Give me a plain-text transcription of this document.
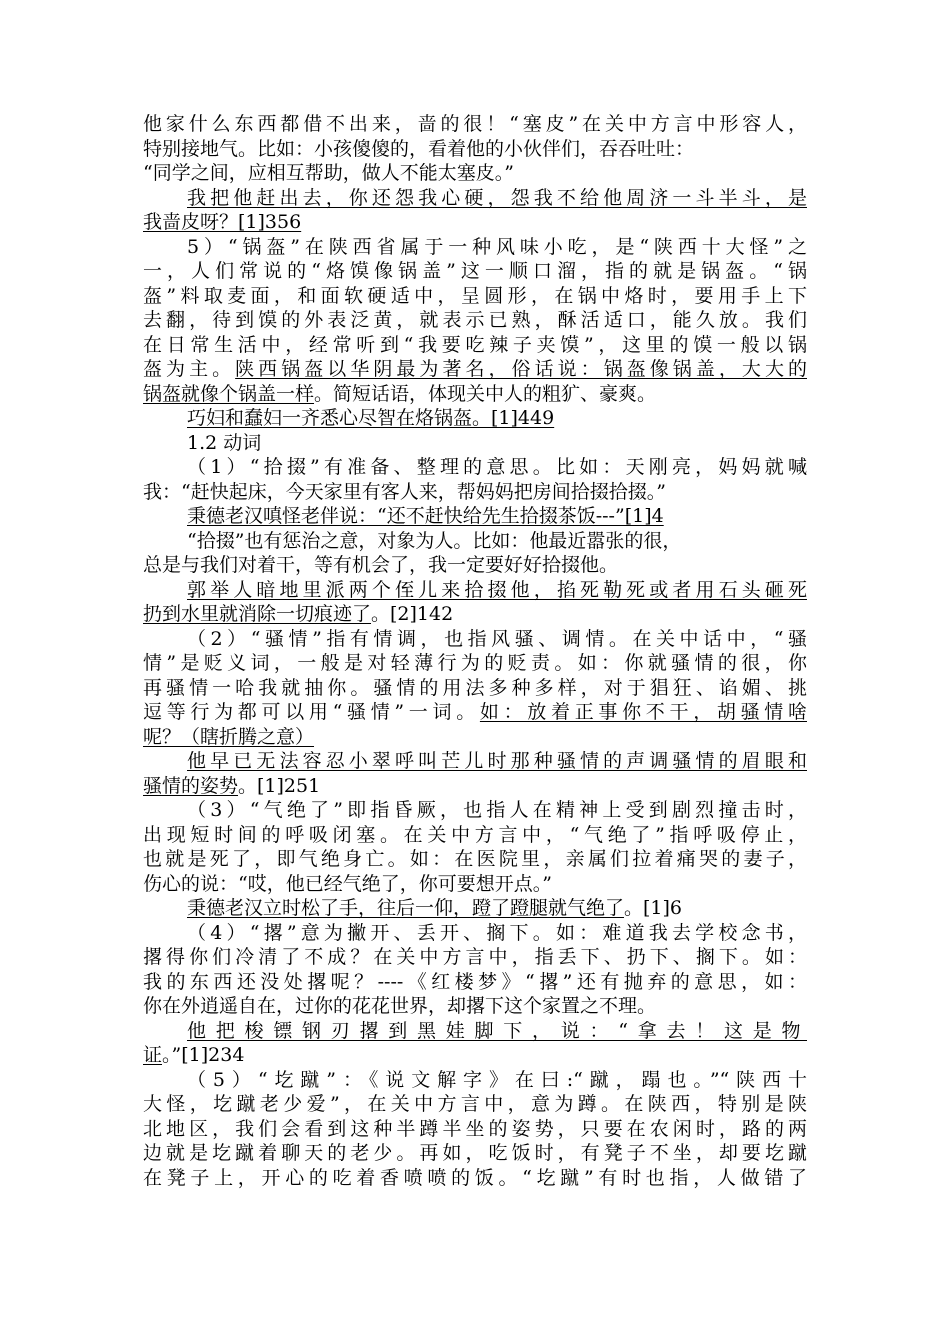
他家什么东西都借不出来，啬的很！“塞皮”在关中方言中形容人，
特别接地气。比如：小孩傻傻的，看着他的小伙伴们，吞吞吐吐：
“同学之间，应相互帮助，做人不能太塞皮。”
我把他赶出去，你还怨我心硬，怨我不给他周济一斗半斗，是
我啬皮呀？[1]356
5）“锅盔”在陕西省属于一种风味小吃，是“陕西十大怪”之
一，人们常说的“烙馍像锅盖”这一顺口溜，指的就是锅盔。“锅
盔”料取麦面，和面软硬适中，呈圆形，在锅中烙时，要用手上下
去翻，待到馍的外表泛黄，就表示已熟，酥活适口，能久放。我们
在日常生活中，经常听到“我要吃辣子夹馍”，这里的馍一般以锅
盔为主。陕西锅盔以华阴最为著名，俗话说：锅盔像锅盖，大大的
锅盔就像个锅盖一样。简短话语，体现关中人的粗犷、豪爽。
巧妇和蠢妇一齐悉心尽智在烙锅盔。[1]449
1.2 动词
（1）“拾掇”有准备、整理的意思。比如：天刚亮，妈妈就喊
我：“赶快起床，今天家里有客人来，帮妈妈把房间拾掇拾掇。”
秉德老汉嗔怪老伴说：“还不赶快给先生拾掇茶饭---”[1]4
“拾掇”也有惩治之意，对象为人。比如：他最近嚣张的很，
总是与我们对着干，等有机会了，我一定要好好拾掇他。
郭举人暗地里派两个侄儿来拾掇他，掐死勒死或者用石头砸死
扔到水里就消除一切痕迹了。[2]142
（2）“骚情”指有情调，也指风骚、调情。在关中话中，“骚
情”是贬义词，一般是对轻薄行为的贬责。如：你就骚情的很，你
再骚情一哈我就抽你。骚情的用法多种多样，对于猖狂、谄媚、挑
逗等行为都可以用“骚情”一词。如：放着正事你不干，胡骚情啥
呢？（瞎折腾之意）
他早已无法容忍小翠呼叫芒儿时那种骚情的声调骚情的眉眼和
骚情的姿势。[1]251
（3）“气绝了”即指昏厥，也指人在精神上受到剧烈撞击时，
出现短时间的呼吸闭塞。在关中方言中，“气绝了”指呼吸停止，
也就是死了，即气绝身亡。如：在医院里，亲属们拉着痛哭的妻子，
伤心的说：“哎，他已经气绝了，你可要想开点。”
秉德老汉立时松了手，往后一仰，蹬了蹬腿就气绝了。[1]6
（4）“撂”意为撇开、丢开、搁下。如：难道我去学校念书，
撂得你们冷清了不成？在关中方言中，指丢下、扔下、搁下。如：
我的东西还没处撂呢？----《红楼梦》“撂”还有抛弃的意思，如：
你在外逍遥自在，过你的花花世界，却撂下这个家置之不理。
他把梭镖钢刃撂到黑娃脚下，说：“拿去！这是物
证。”[1]234
（5）“圪蹴”：《说文解字》在曰:“蹴，蹋也。”“陕西十
大怪，圪蹴老少爱”，在关中方言中，意为蹲。在陕西，特别是陕
北地区，我们会看到这种半蹲半坐的姿势，只要在农闲时，路的两
边就是圪蹴着聊天的老少。再如，吃饭时，有凳子不坐，却要圪蹴
在凳子上，开心的吃着香喷喷的饭。“圪蹴”有时也指，人做错了
